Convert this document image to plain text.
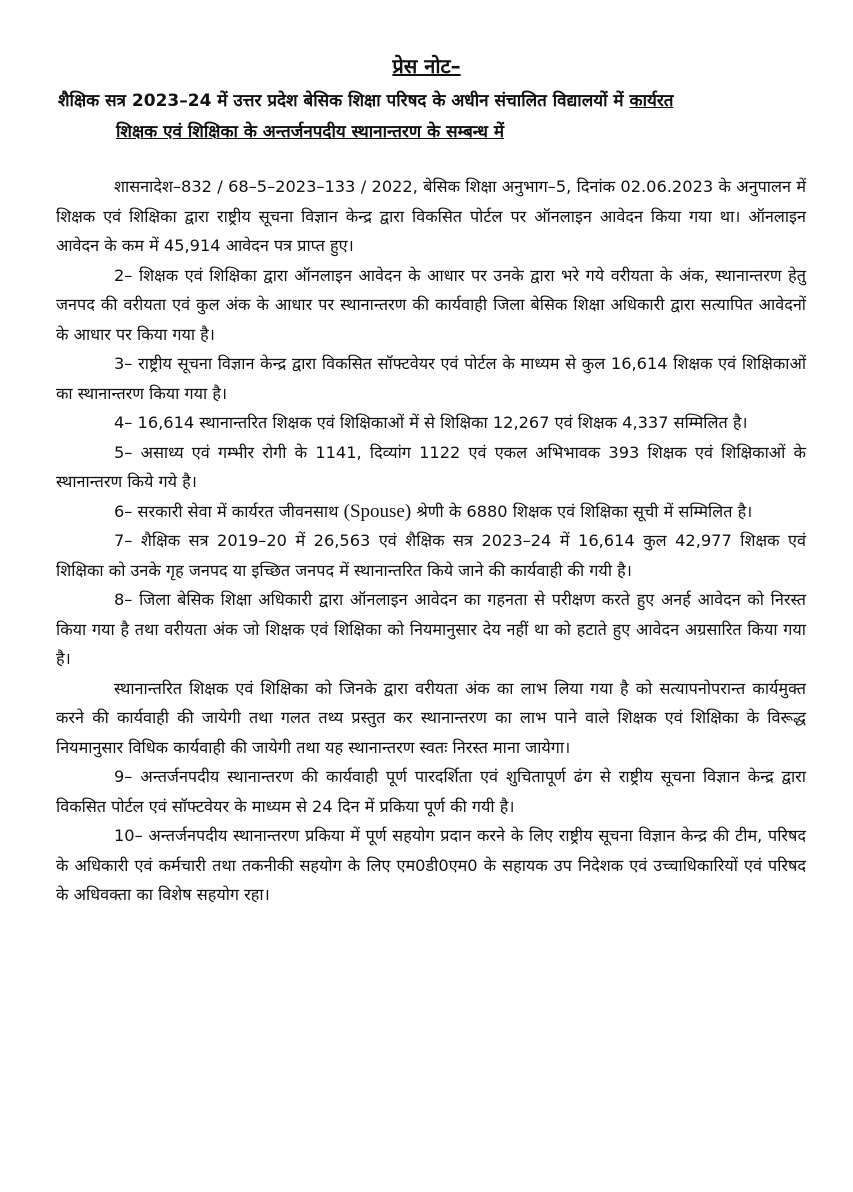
प्रेस नोट–
शैक्षिक सत्र 2023–24 में उत्तर प्रदेश बेसिक शिक्षा परिषद के अधीन संचालित विद्यालयों में कार्यरत
शिक्षक एवं शिक्षिका के अन्तर्जनपदीय स्थानान्तरण के सम्बन्ध में

शासनादेश–832 / 68–5–2023–133 / 2022, बेसिक शिक्षा अनुभाग–5, दिनांक 02.06.2023 के अनुपालन में शिक्षक एवं शिक्षिका द्वारा राष्ट्रीय सूचना विज्ञान केन्द्र द्वारा विकसित पोर्टल पर ऑनलाइन आवेदन किया गया था। ऑनलाइन आवेदन के कम में 45,914 आवेदन पत्र प्राप्त हुए।

2– शिक्षक एवं शिक्षिका द्वारा ऑनलाइन आवेदन के आधार पर उनके द्वारा भरे गये वरीयता के अंक, स्थानान्तरण हेतु जनपद की वरीयता एवं कुल अंक के आधार पर स्थानान्तरण की कार्यवाही जिला बेसिक शिक्षा अधिकारी द्वारा सत्यापित आवेदनों के आधार पर किया गया है।

3– राष्ट्रीय सूचना विज्ञान केन्द्र द्वारा विकसित सॉफ्टवेयर एवं पोर्टल के माध्यम से कुल 16,614 शिक्षक एवं शिक्षिकाओं का स्थानान्तरण किया गया है।

4– 16,614 स्थानान्तरित शिक्षक एवं शिक्षिकाओं में से शिक्षिका 12,267 एवं शिक्षक 4,337 सम्मिलित है।

5– असाध्य एवं गम्भीर रोगी के 1141, दिव्यांग 1122 एवं एकल अभिभावक 393 शिक्षक एवं शिक्षिकाओं के स्थानान्तरण किये गये है।

6– सरकारी सेवा में कार्यरत जीवनसाथ (Spouse) श्रेणी के 6880 शिक्षक एवं शिक्षिका सूची में सम्मिलित है।

7– शैक्षिक सत्र 2019–20 में 26,563 एवं शैक्षिक सत्र 2023–24 में 16,614 कुल 42,977 शिक्षक एवं शिक्षिका को उनके गृह जनपद या इच्छित जनपद में स्थानान्तरित किये जाने की कार्यवाही की गयी है।

8– जिला बेसिक शिक्षा अधिकारी द्वारा ऑनलाइन आवेदन का गहनता से परीक्षण करते हुए अनर्ह आवेदन को निरस्त किया गया है तथा वरीयता अंक जो शिक्षक एवं शिक्षिका को नियमानुसार देय नहीं था को हटाते हुए आवेदन अग्रसारित किया गया है।

स्थानान्तरित शिक्षक एवं शिक्षिका को जिनके द्वारा वरीयता अंक का लाभ लिया गया है को सत्यापनोपरान्त कार्यमुक्त करने की कार्यवाही की जायेगी तथा गलत तथ्य प्रस्तुत कर स्थानान्तरण का लाभ पाने वाले शिक्षक एवं शिक्षिका के विरूद्ध नियमानुसार विधिक कार्यवाही की जायेगी तथा यह स्थानान्तरण स्वतः निरस्त माना जायेगा।

9– अन्तर्जनपदीय स्थानान्तरण की कार्यवाही पूर्ण पारदर्शिता एवं शुचितापूर्ण ढंग से राष्ट्रीय सूचना विज्ञान केन्द्र द्वारा विकसित पोर्टल एवं सॉफ्टवेयर के माध्यम से 24 दिन में प्रकिया पूर्ण की गयी है।

10– अन्तर्जनपदीय स्थानान्तरण प्रकिया में पूर्ण सहयोग प्रदान करने के लिए राष्ट्रीय सूचना विज्ञान केन्द्र की टीम, परिषद के अधिकारी एवं कर्मचारी तथा तकनीकी सहयोग के लिए एम0डी0एम0 के सहायक उप निदेशक एवं उच्चाधिकारियों एवं परिषद के अधिवक्ता का विशेष सहयोग रहा।
